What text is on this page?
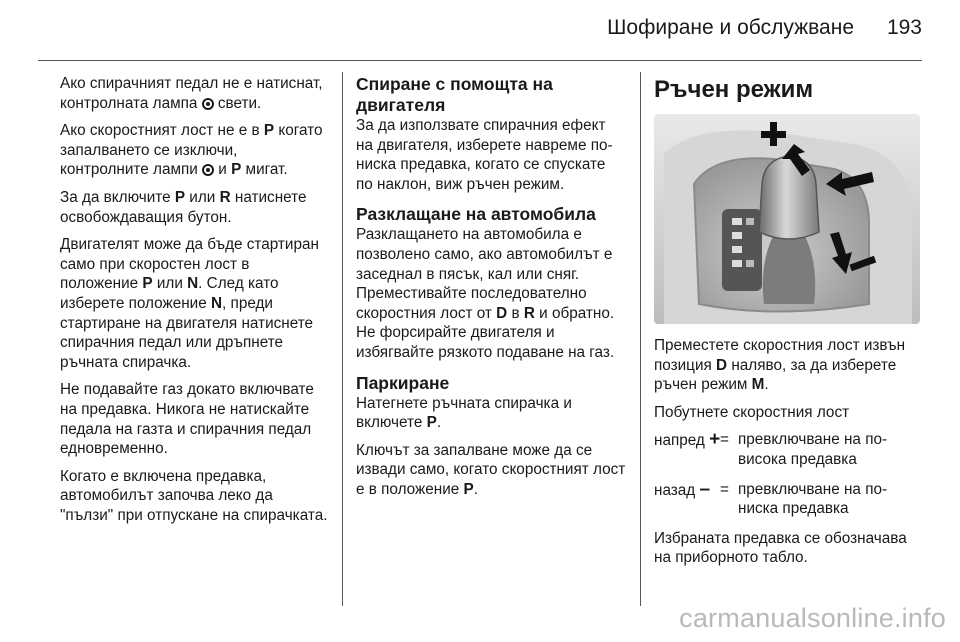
Шофиране и обслужване 193

Ако спирачният педал не е натиснат, контролната лампа свети.

Ако скоростният лост не е в P когато запалването се изключи, контролните лампи и P мигат.

За да включите P или R натиснете освобождаващия бутон.

Двигателят може да бъде стартиран само при скоростен лост в положение P или N. След като изберете положение N, преди стартиране на двигателя натиснете спирачния педал или дръпнете ръчната спирачка.

Не подавайте газ докато включвате на предавка. Никога не натискайте педала на газта и спирачния педал едновременно.

Когато е включена предавка, автомобилът започва леко да "пълзи" при отпускане на спирачката.

Спиране с помощта на двигателя

За да използвате спирачния ефект на двигателя, изберете навреме по-ниска предавка, когато се спускате по наклон, виж ръчен режим.

Разклащане на автомобила

Разклащането на автомобила е позволено само, ако автомобилът е заседнал в пясък, кал или сняг. Преместивайте последователно скоростния лост от D в R и обратно. Не форсирайте двигателя и избягвайте рязкото подаване на газ.

Паркиране

Натегнете ръчната спирачка и включете P.

Ключът за запалване може да се извади само, когато скоростният лост е в положение P.

Ръчен режим

Преместете скоростния лост извън позиция D наляво, за да изберете ръчен режим M.

Побутнете скоростния лост

напред + = превключване на по-висока предавка
назад – = превключване на по-ниска предавка

Избраната предавка се обозначава на приборното табло.

carmanualsonline.info
